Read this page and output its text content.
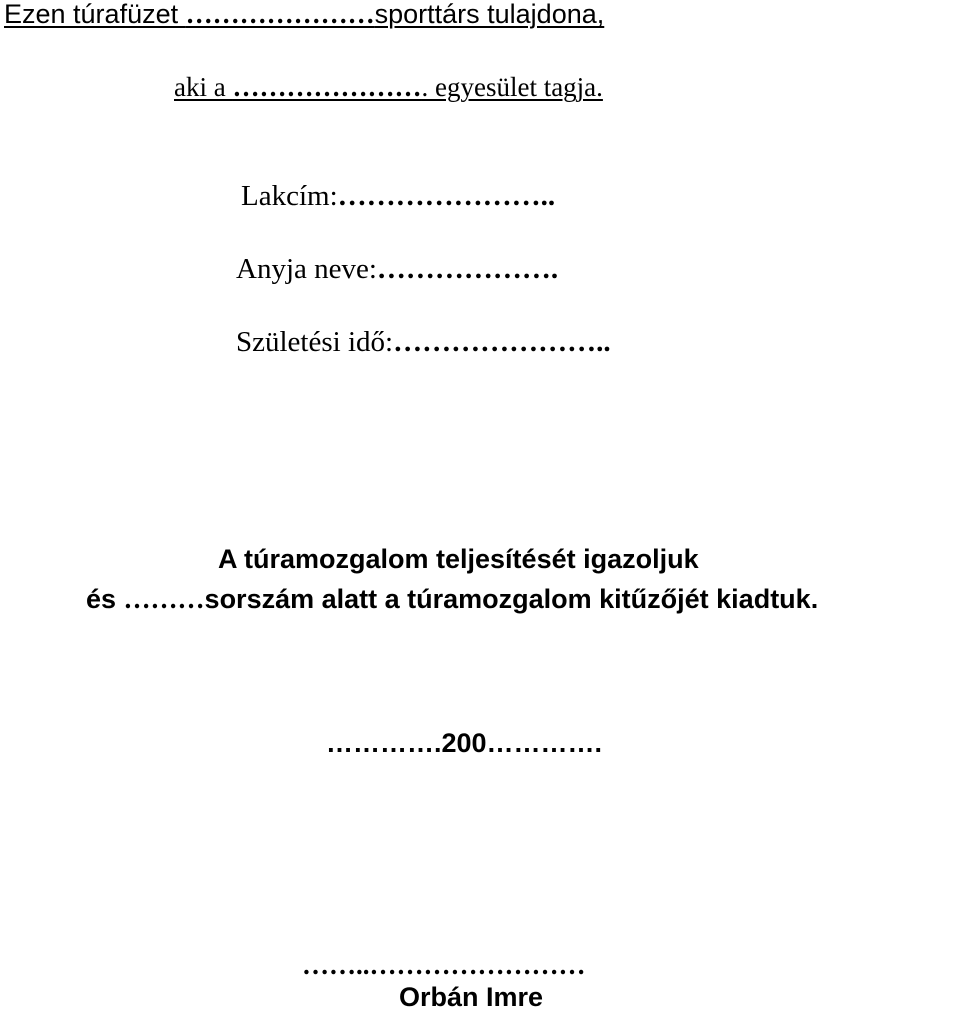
Ezen túrafüzet …………………sporttárs tulajdona,
aki a …………………. egyesület tagja.
Lakcím:…………………..
Anyja neve:……………….
Születési idő:…………………..
A túramozgalom teljesítését igazoljuk
és ………sorszám alatt a túramozgalom kitűzőjét kiadtuk.
………….200………….
……..……………………
Orbán Imre
